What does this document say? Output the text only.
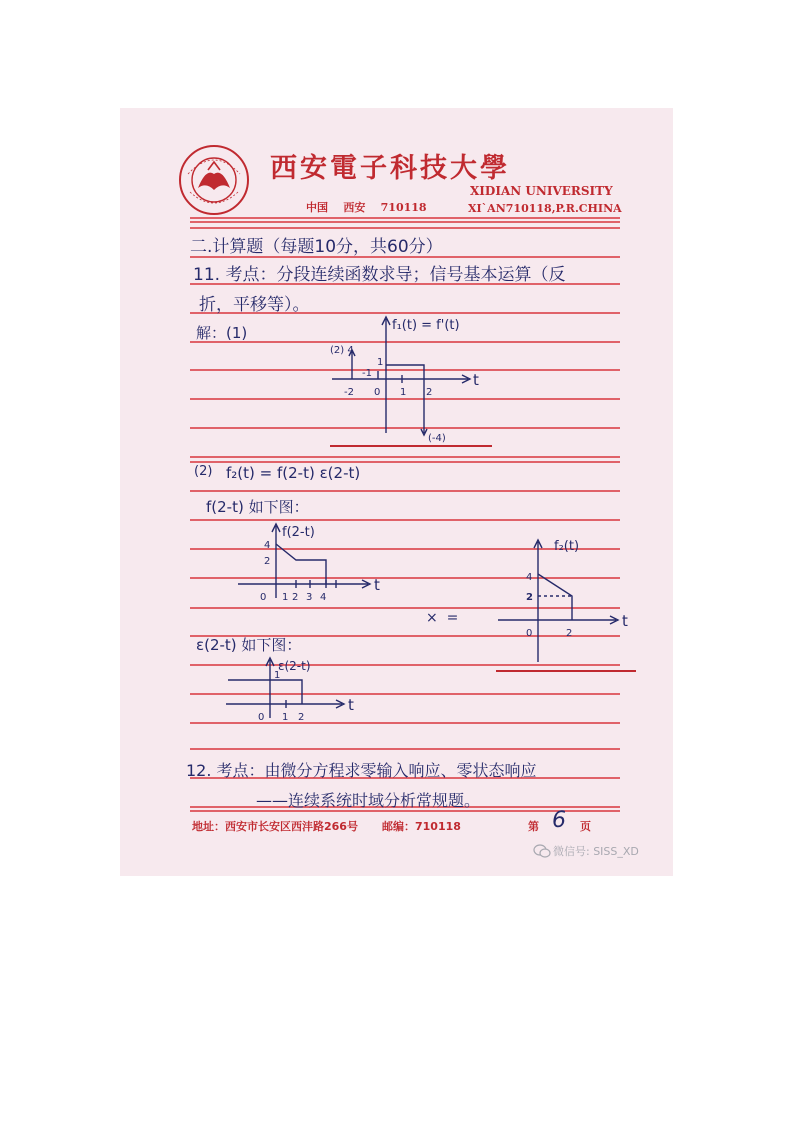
西安電子科技大學
XIDIAN UNIVERSITY
中国    西安    710118	XI`AN710118,P.R.CHINA
二.计算题（每题10分，共60分）
11. 考点：分段连续函数求导；信号基本运算（反
折，平移等）。
解：(1)	f₁(t) = f'(t)
t
(2) 4
1
-1
-2 0 1 2
(-4)
(2) f₂(t) = f(2-t) ε(2-t)
f(2-t) 如下图：
f(2-t)
t
4
2
0 1 2 3 4
×  =
f₂(t)
t
4
2
0	2
ε(2-t) 如下图：
ε(2-t)
t
1
0 1 2
12. 考点：由微分方程求零输入响应、零状态响应
——连续系统时域分析常规题。
地址：西安市长安区西沣路266号 邮编：710118	第 6 页
微信号: SISS_XD
